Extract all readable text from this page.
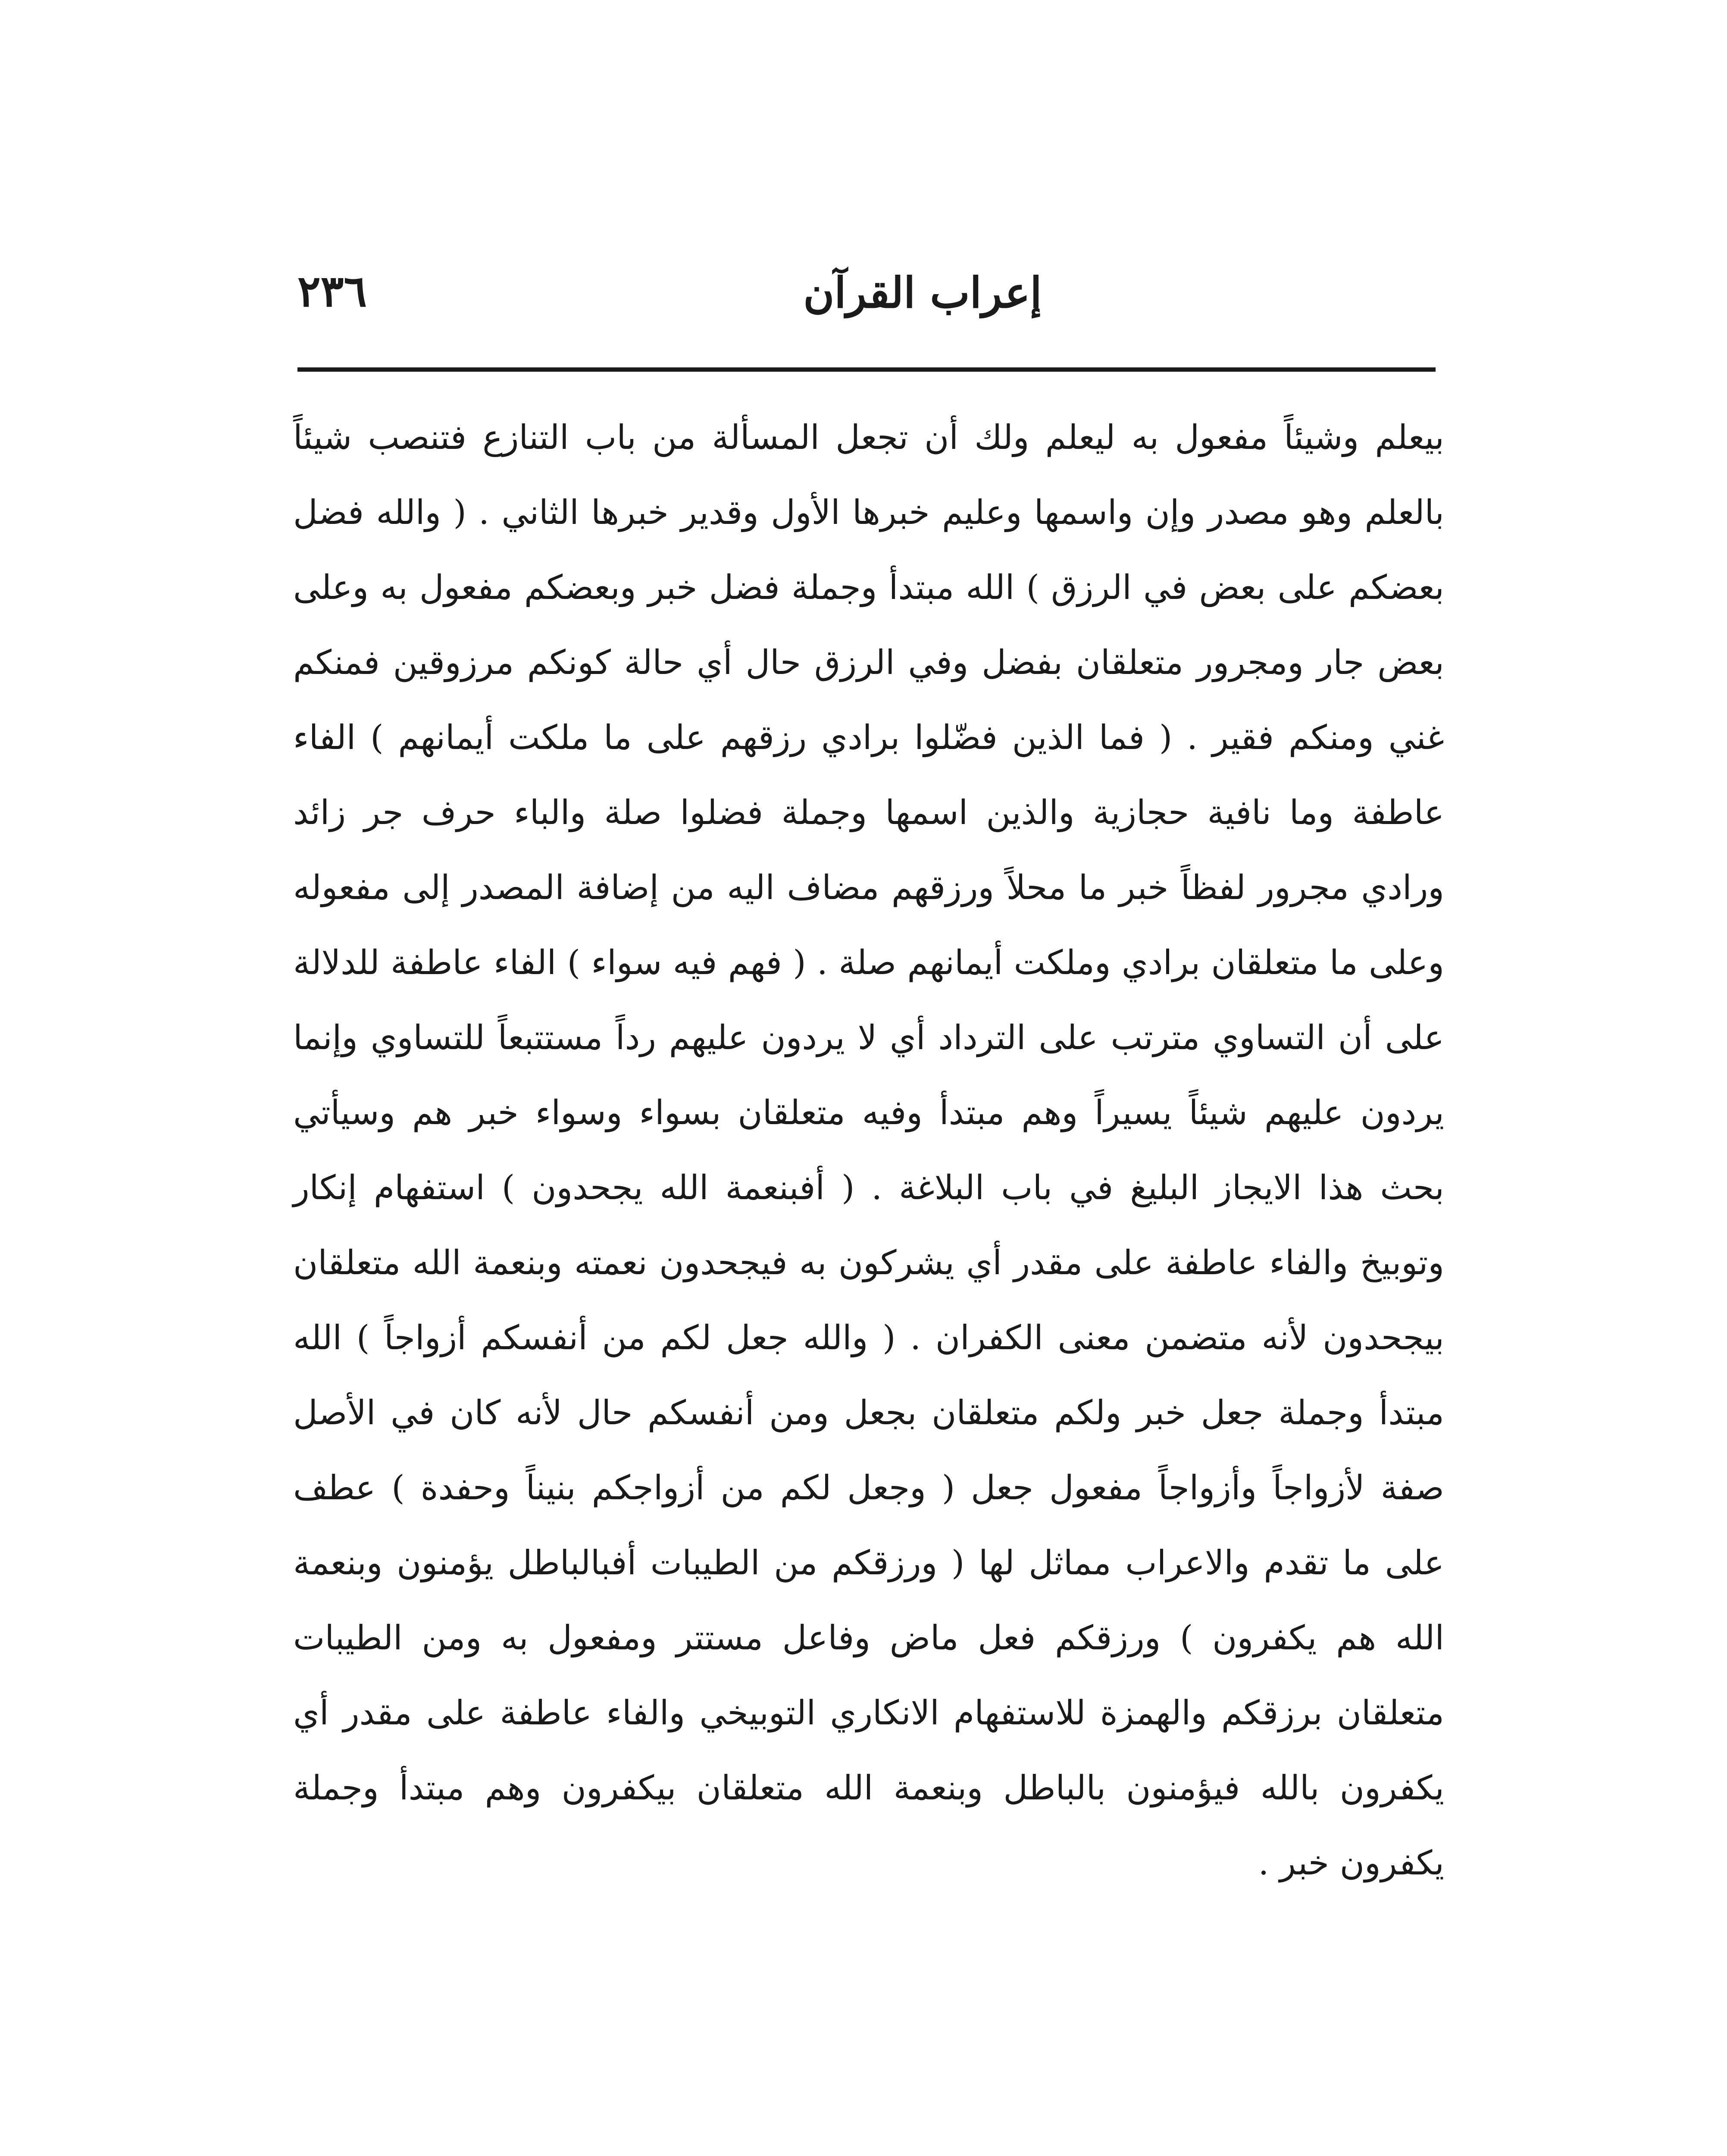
إعراب القرآن
٢٣٦

بيعلم وشيئاً مفعول به ليعلم ولك أن تجعل المسألة من باب التنازع فتنصب شيئاً بالعلم وهو مصدر وإن واسمها وعليم خبرها الأول وقدير خبرها الثاني . ( والله فضل بعضكم على بعض في الرزق ) الله مبتدأ وجملة فضل خبر وبعضكم مفعول به وعلى بعض جار ومجرور متعلقان بفضل وفي الرزق حال أي حالة كونكم مرزوقين فمنكم غني ومنكم فقير . ( فما الذين فضّلوا برادي رزقهم على ما ملكت أيمانهم ) الفاء عاطفة وما نافية حجازية والذين اسمها وجملة فضلوا صلة والباء حرف جر زائد ورادي مجرور لفظاً خبر ما محلاً ورزقهم مضاف اليه من إضافة المصدر إلى مفعوله وعلى ما متعلقان برادي وملكت أيمانهم صلة . ( فهم فيه سواء ) الفاء عاطفة للدلالة على أن التساوي مترتب على الترداد أي لا يردون عليهم رداً مستتبعاً للتساوي وإنما يردون عليهم شيئاً يسيراً وهم مبتدأ وفيه متعلقان بسواء وسواء خبر هم وسيأتي بحث هذا الايجاز البليغ في باب البلاغة . ( أفبنعمة الله يجحدون ) استفهام إنكار وتوبيخ والفاء عاطفة على مقدر أي يشركون به فيجحدون نعمته وبنعمة الله متعلقان بيجحدون لأنه متضمن معنى الكفران . ( والله جعل لكم من أنفسكم أزواجاً ) الله مبتدأ وجملة جعل خبر ولكم متعلقان بجعل ومن أنفسكم حال لأنه كان في الأصل صفة لأزواجاً وأزواجاً مفعول جعل ( وجعل لكم من أزواجكم بنيناً وحفدة ) عطف على ما تقدم والاعراب مماثل لها ( ورزقكم من الطيبات أفبالباطل يؤمنون وبنعمة الله هم يكفرون ) ورزقكم فعل ماض وفاعل مستتر ومفعول به ومن الطيبات متعلقان برزقكم والهمزة للاستفهام الانكاري التوبيخي والفاء عاطفة على مقدر أي يكفرون بالله فيؤمنون بالباطل وبنعمة الله متعلقان بيكفرون وهم مبتدأ وجملة يكفرون خبر .
